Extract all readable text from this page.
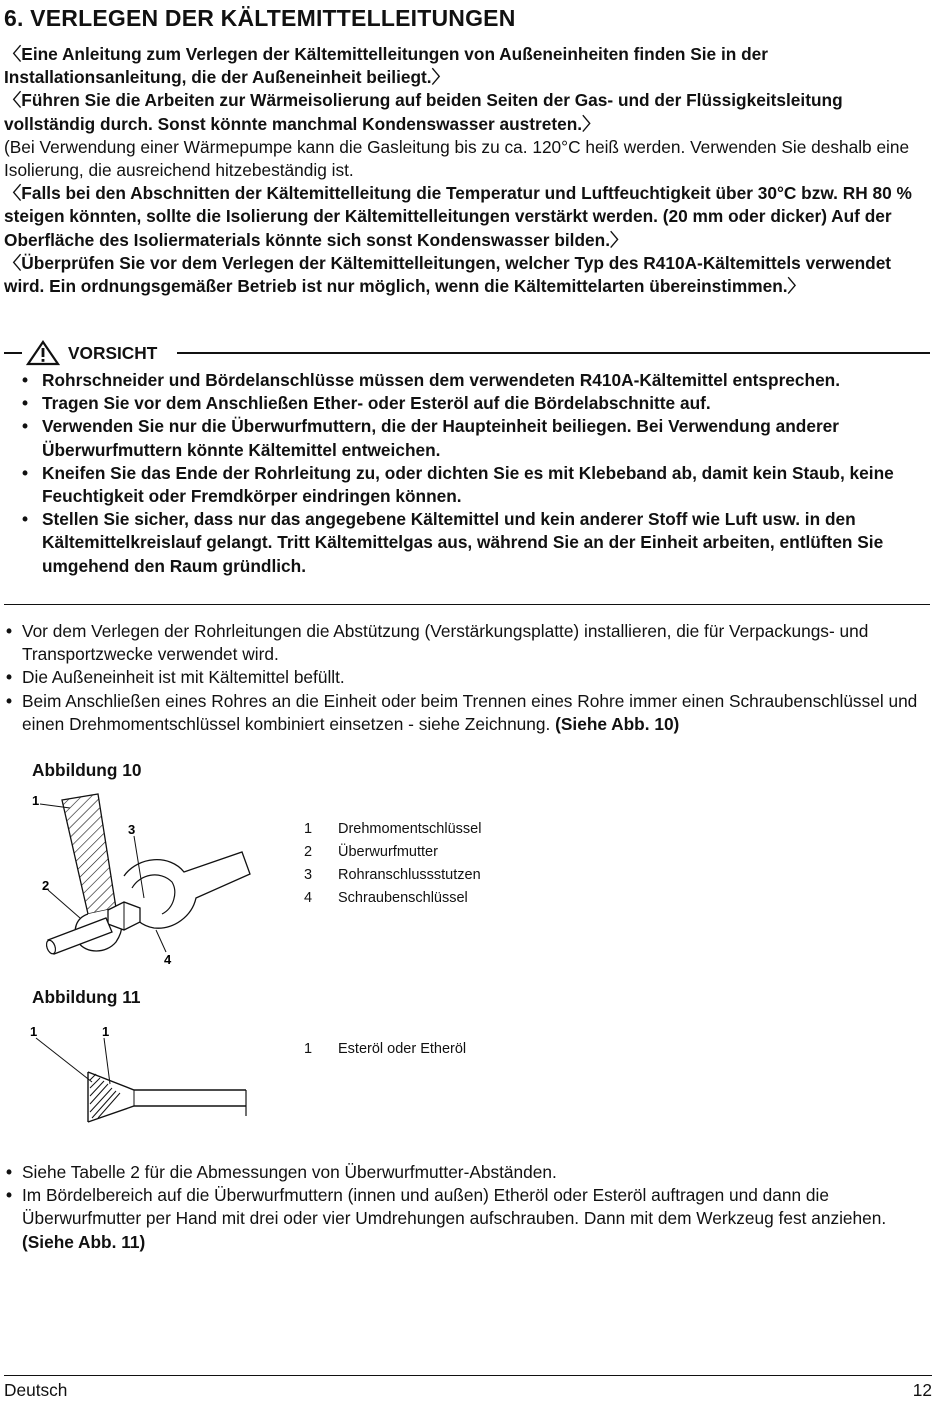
6. VERLEGEN DER KÄLTEMITTELLEITUNGEN

〈Eine Anleitung zum Verlegen der Kältemittelleitungen von Außeneinheiten finden Sie in der Installationsanleitung, die der Außeneinheit beiliegt.〉

〈Führen Sie die Arbeiten zur Wärmeisolierung auf beiden Seiten der Gas- und der Flüssigkeitsleitung vollständig durch. Sonst könnte manchmal Kondenswasser austreten.〉

(Bei Verwendung einer Wärmepumpe kann die Gasleitung bis zu ca. 120°C heiß werden. Verwenden Sie deshalb eine Isolierung, die ausreichend hitzebeständig ist.

〈Falls bei den Abschnitten der Kältemittelleitung die Temperatur und Luftfeuchtigkeit über 30°C bzw. RH 80 % steigen könnten, sollte die Isolierung der Kältemittelleitungen verstärkt werden. (20 mm oder dicker) Auf der Oberfläche des Isoliermaterials könnte sich sonst Kondenswasser bilden.〉

〈Überprüfen Sie vor dem Verlegen der Kältemittelleitungen, welcher Typ des R410A-Kältemittels verwendet wird. Ein ordnungsgemäßer Betrieb ist nur möglich, wenn die Kältemittelarten übereinstimmen.〉

VORSICHT
• Rohrschneider und Bördelanschlüsse müssen dem verwendeten R410A-Kältemittel entsprechen.
• Tragen Sie vor dem Anschließen Ether- oder Esteröl auf die Bördelabschnitte auf.
• Verwenden Sie nur die Überwurfmuttern, die der Haupteinheit beiliegen. Bei Verwendung anderer Überwurfmuttern könnte Kältemittel entweichen.
• Kneifen Sie das Ende der Rohrleitung zu, oder dichten Sie es mit Klebeband ab, damit kein Staub, keine Feuchtigkeit oder Fremdkörper eindringen können.
• Stellen Sie sicher, dass nur das angegebene Kältemittel und kein anderer Stoff wie Luft usw. in den Kältemittelkreislauf gelangt. Tritt Kältemittelgas aus, während Sie an der Einheit arbeiten, entlüften Sie umgehend den Raum gründlich.
• Vor dem Verlegen der Rohrleitungen die Abstützung (Verstärkungsplatte) installieren, die für Verpackungs- und Transportzwecke verwendet wird.
• Die Außeneinheit ist mit Kältemittel befüllt.
• Beim Anschließen eines Rohres an die Einheit oder beim Trennen eines Rohre immer einen Schraubenschlüssel und einen Drehmomentschlüssel kombiniert einsetzen - siehe Zeichnung. (Siehe Abb. 10)
Abbildung 10
1
2
3
4
1	Drehmomentschlüssel
2	Überwurfmutter
3	Rohranschlussstutzen
4	Schraubenschlüssel
Abbildung 11
1	1
1	Esteröl oder Etheröl
• Siehe Tabelle 2 für die Abmessungen von Überwurfmutter-Abständen.
• Im Bördelbereich auf die Überwurfmuttern (innen und außen) Etheröl oder Esteröl auftragen und dann die Überwurfmutter per Hand mit drei oder vier Umdrehungen aufschrauben. Dann mit dem Werkzeug fest anziehen. (Siehe Abb. 11)
Deutsch	12
